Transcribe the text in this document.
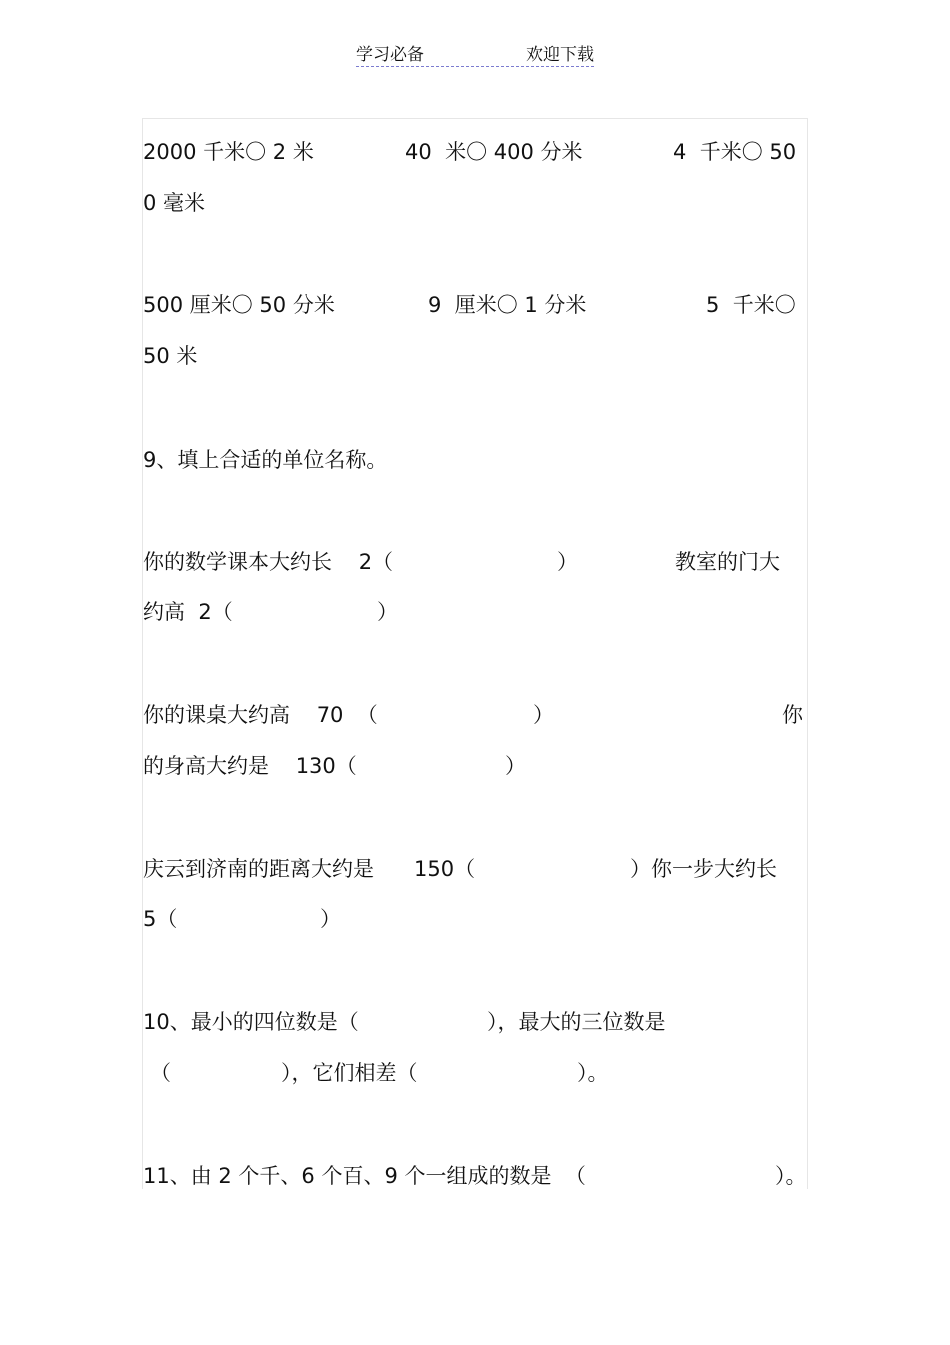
学习必备	欢迎下载
2000 千米〇 2 米	40  米〇 400 分米	4  千米〇 50
0 毫米
500 厘米〇 50 分米	9  厘米〇 1 分米	5  千米〇
50 米
9、填上合适的单位名称。
你的数学课本大约长    2（	）	教室的门大
约高  2（	）
你的课桌大约高    70  （	）	你
的身高大约是    130（	）
庆云到济南的距离大约是      150（	）你一步大约长
5（	）
10、最小的四位数是（	），最大的三位数是
（	），它们相差（	）。
11、由 2 个千、6 个百、9 个一组成的数是  （	）。
